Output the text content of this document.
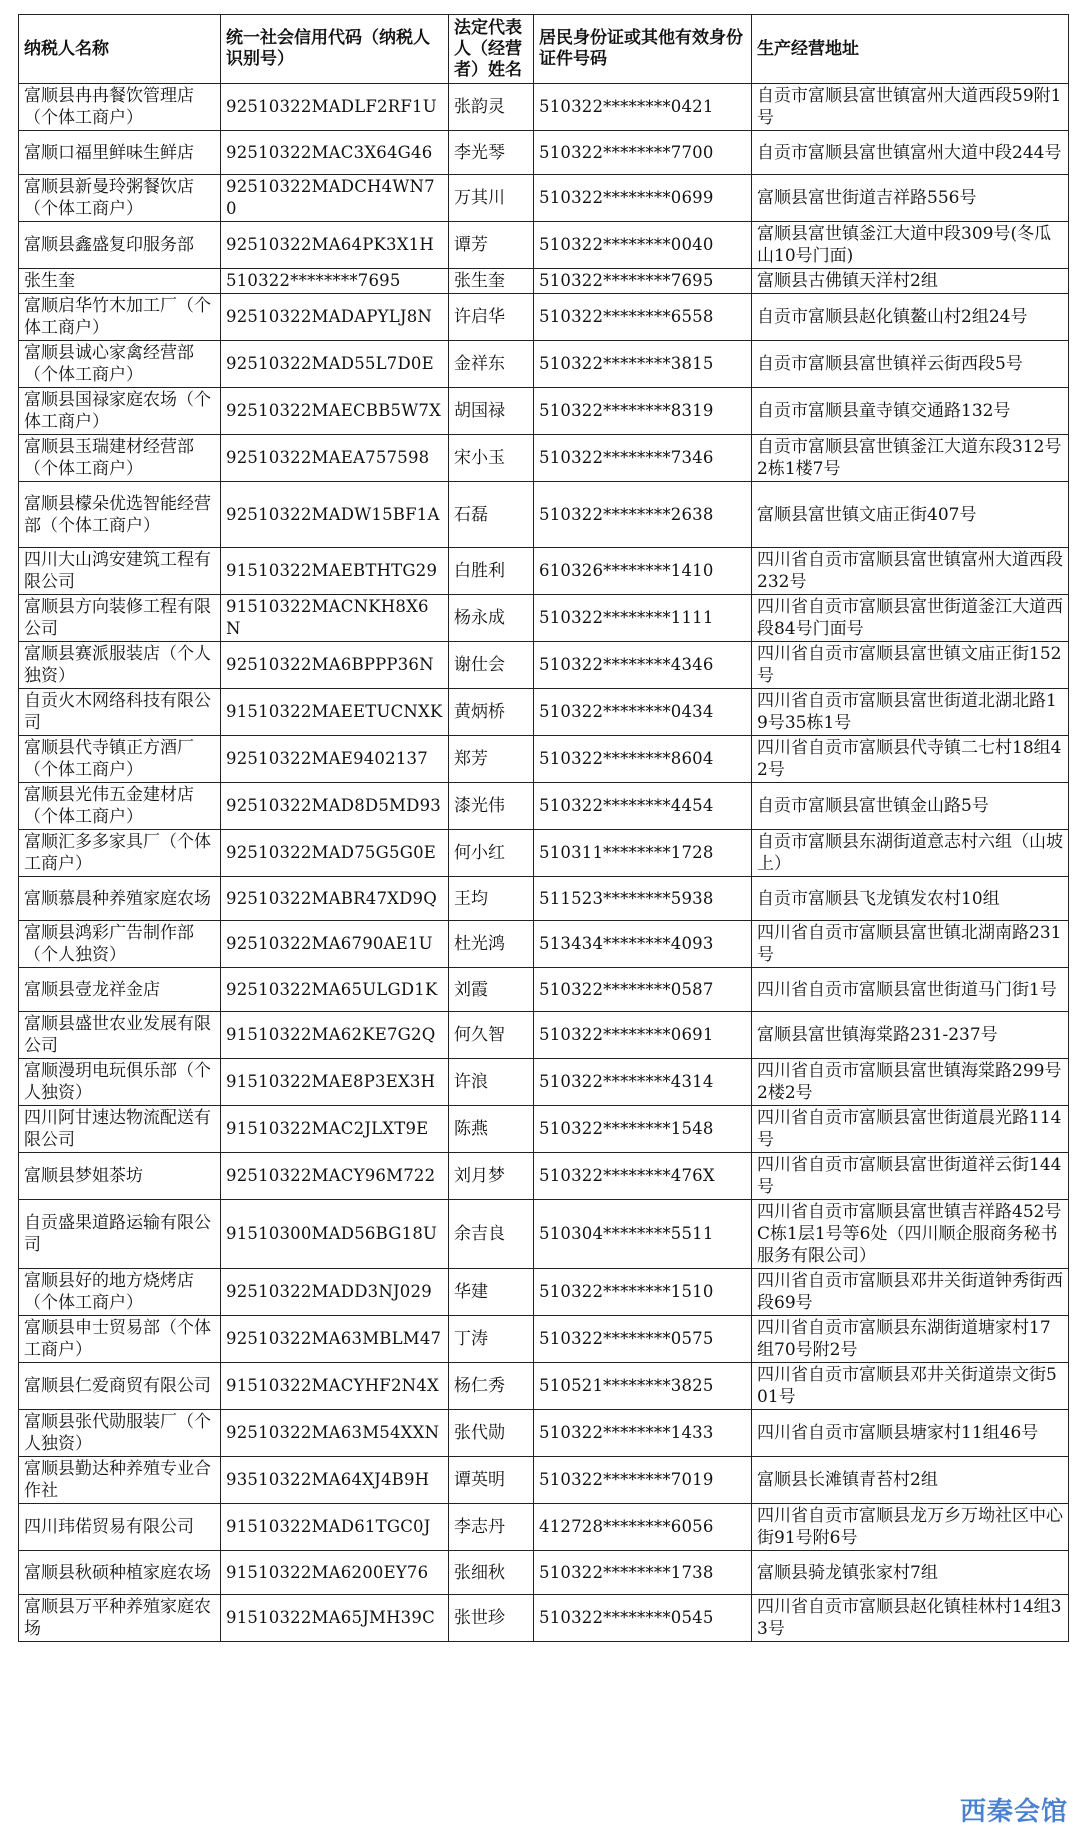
纳税人名称	统一社会信用代码（纳税人识别号）	法定代表人（经营者）姓名	居民身份证或其他有效身份证件号码	生产经营地址
富顺县冉冉餐饮管理店（个体工商户）	92510322MADLF2RF1U	张韵灵	510322********0421	自贡市富顺县富世镇富州大道西段59附1号
富顺口福里鲜味生鲜店	92510322MAC3X64G46	李光琴	510322********7700	自贡市富顺县富世镇富州大道中段244号
富顺县新曼玲粥餐饮店（个体工商户）	92510322MADCH4WN70	万其川	510322********0699	富顺县富世街道吉祥路556号
富顺县鑫盛复印服务部	92510322MA64PK3X1H	谭芳	510322********0040	富顺县富世镇釜江大道中段309号(冬瓜山10号门面)
张生奎	510322********7695	张生奎	510322********7695	富顺县古佛镇天洋村2组
富顺启华竹木加工厂（个体工商户）	92510322MADAPYLJ8N	许启华	510322********6558	自贡市富顺县赵化镇鳌山村2组24号
富顺县诚心家禽经营部（个体工商户）	92510322MAD55L7D0E	金祥东	510322********3815	自贡市富顺县富世镇祥云街西段5号
富顺县国禄家庭农场（个体工商户）	92510322MAECBB5W7X	胡国禄	510322********8319	自贡市富顺县童寺镇交通路132号
富顺县玉瑞建材经营部（个体工商户）	92510322MAEA757598	宋小玉	510322********7346	自贡市富顺县富世镇釜江大道东段312号2栋1楼7号
富顺县檬朵优选智能经营部（个体工商户）	92510322MADW15BF1A	石磊	510322********2638	富顺县富世镇文庙正街407号
四川大山鸿安建筑工程有限公司	91510322MAEBTHTG29	白胜利	610326********1410	四川省自贡市富顺县富世镇富州大道西段232号
富顺县方向装修工程有限公司	91510322MACNKH8X6N	杨永成	510322********1111	四川省自贡市富顺县富世街道釜江大道西段84号门面号
富顺县赛派服装店（个人独资）	92510322MA6BPPP36N	谢仕会	510322********4346	四川省自贡市富顺县富世镇文庙正街152号
自贡火木网络科技有限公司	91510322MAEETUCNXK	黄炳桥	510322********0434	四川省自贡市富顺县富世街道北湖北路19号35栋1号
富顺县代寺镇正方酒厂（个体工商户）	92510322MAE9402137	郑芳	510322********8604	四川省自贡市富顺县代寺镇二七村18组42号
富顺县光伟五金建材店（个体工商户）	92510322MAD8D5MD93	漆光伟	510322********4454	自贡市富顺县富世镇金山路5号
富顺汇多多家具厂（个体工商户）	92510322MAD75G5G0E	何小红	510311********1728	自贡市富顺县东湖街道意志村六组（山坡上）
富顺慕晨种养殖家庭农场	92510322MABR47XD9Q	王均	511523********5938	自贡市富顺县飞龙镇发农村10组
富顺县鸿彩广告制作部（个人独资）	92510322MA6790AE1U	杜光鸿	513434********4093	四川省自贡市富顺县富世镇北湖南路231号
富顺县壹龙祥金店	92510322MA65ULGD1K	刘霞	510322********0587	四川省自贡市富顺县富世街道马门街1号
富顺县盛世农业发展有限公司	91510322MA62KE7G2Q	何久智	510322********0691	富顺县富世镇海棠路231-237号
富顺漫玥电玩俱乐部（个人独资）	91510322MAE8P3EX3H	许浪	510322********4314	四川省自贡市富顺县富世镇海棠路299号2楼2号
四川阿甘速达物流配送有限公司	91510322MAC2JLXT9E	陈燕	510322********1548	四川省自贡市富顺县富世街道晨光路114号
富顺县梦姐茶坊	92510322MACY96M722	刘月梦	510322********476X	四川省自贡市富顺县富世街道祥云街144号
自贡盛果道路运输有限公司	91510300MAD56BG18U	余吉良	510304********5511	四川省自贡市富顺县富世镇吉祥路452号C栋1层1号等6处（四川顺企服商务秘书服务有限公司）
富顺县好的地方烧烤店（个体工商户）	92510322MADD3NJ029	华建	510322********1510	四川省自贡市富顺县邓井关街道钟秀街西段69号
富顺县申士贸易部（个体工商户）	92510322MA63MBLM47	丁涛	510322********0575	四川省自贡市富顺县东湖街道塘家村17组70号附2号
富顺县仁爱商贸有限公司	91510322MACYHF2N4X	杨仁秀	510521********3825	四川省自贡市富顺县邓井关街道崇文街501号
富顺县张代勋服装厂（个人独资）	92510322MA63M54XXN	张代勋	510322********1433	四川省自贡市富顺县塘家村11组46号
富顺县勤达种养殖专业合作社	93510322MA64XJ4B9H	谭英明	510322********7019	富顺县长滩镇青苔村2组
四川玮偌贸易有限公司	91510322MAD61TGC0J	李志丹	412728********6056	四川省自贡市富顺县龙万乡万坳社区中心街91号附6号
富顺县秋硕种植家庭农场	91510322MA6200EY76	张细秋	510322********1738	富顺县骑龙镇张家村7组
富顺县万平种养殖家庭农场	91510322MA65JMH39C	张世珍	510322********0545	四川省自贡市富顺县赵化镇桂林村14组33号
西秦会馆
